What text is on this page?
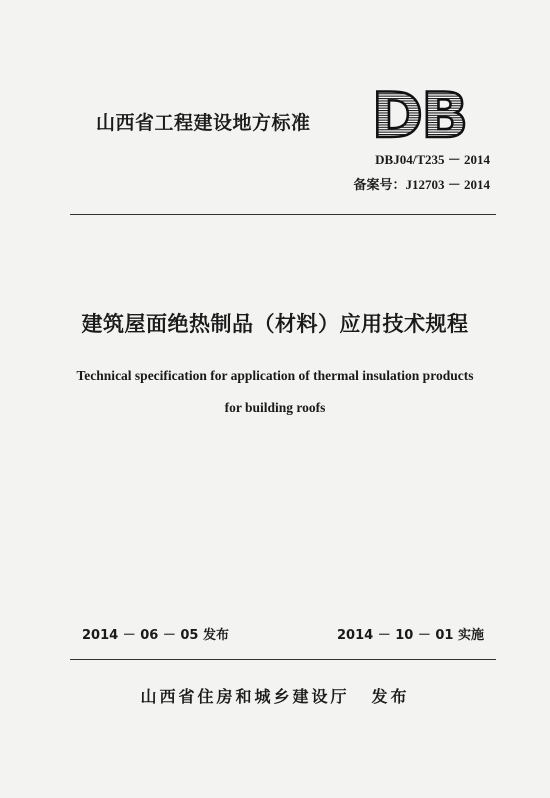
山西省工程建设地方标准 DB
DBJ04/T235 － 2014
备案号：J12703 － 2014
建筑屋面绝热制品（材料）应用技术规程
Technical specification for application of thermal insulation products
for building roofs
2014 － 06 － 05 发布	2014 － 10 － 01 实施
山西省住房和城乡建设厅 发布
